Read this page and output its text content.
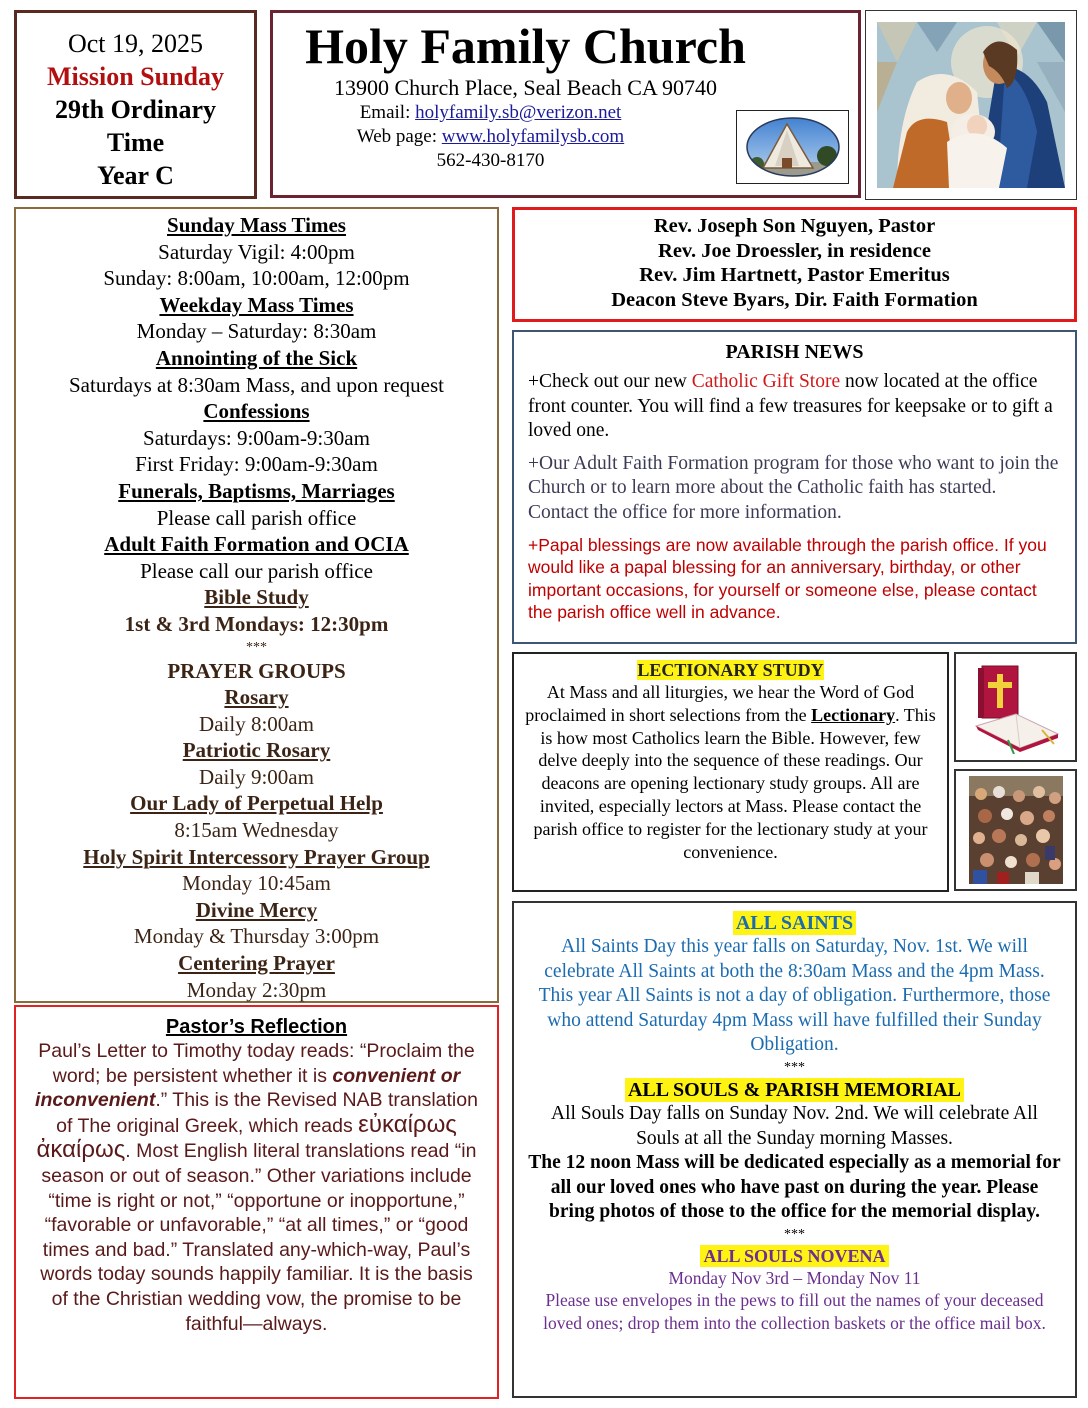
Oct 19, 2025
Mission Sunday
29th Ordinary
Time
Year C
Holy Family Church
13900 Church Place, Seal Beach CA 90740
Email: holyfamily.sb@verizon.net
Web page: www.holyfamilysb.com
562-430-8170
Sunday Mass Times
Saturday Vigil: 4:00pm
Sunday: 8:00am, 10:00am, 12:00pm
Weekday Mass Times
Monday – Saturday: 8:30am
Annointing of the Sick
Saturdays at 8:30am Mass, and upon request
Confessions
Saturdays: 9:00am-9:30am
First Friday: 9:00am-9:30am
Funerals, Baptisms, Marriages
Please call parish office
Adult Faith Formation and OCIA
Please call our parish office
Bible Study
1st & 3rd Mondays: 12:30pm
***
PRAYER GROUPS
Rosary
Daily 8:00am
Patriotic Rosary
Daily 9:00am
Our Lady of Perpetual Help
8:15am Wednesday
Holy Spirit Intercessory Prayer Group
Monday 10:45am
Divine Mercy
Monday & Thursday 3:00pm
Centering Prayer
Monday 2:30pm
Pastor’s Reflection
Paul’s Letter to Timothy today reads: “Proclaim the word; be persistent whether it is convenient or inconvenient.” This is the Revised NAB translation of The original Greek, which reads εὐκαίρως ἀκαίρως. Most English literal translations read “in season or out of season.” Other variations include “time is right or not,” “opportune or inopportune,” “favorable or unfavorable,” “at all times,” or “good times and bad.” Translated any-which-way, Paul’s words today sounds happily familiar. It is the basis of the Christian wedding vow, the promise to be faithful—always.
Rev. Joseph Son Nguyen, Pastor
Rev. Joe Droessler, in residence
Rev. Jim Hartnett, Pastor Emeritus
Deacon Steve Byars, Dir. Faith Formation
PARISH NEWS
+Check out our new Catholic Gift Store now located at the office front counter. You will find a few treasures for keepsake or to gift a loved one.
+Our Adult Faith Formation program for those who want to join the Church or to learn more about the Catholic faith has started. Contact the office for more information.
+Papal blessings are now available through the parish office. If you would like a papal blessing for an anniversary, birthday, or other important occasions, for yourself or someone else, please contact the parish office well in advance.
LECTIONARY STUDY
At Mass and all liturgies, we hear the Word of God proclaimed in short selections from the Lectionary. This is how most Catholics learn the Bible. However, few delve deeply into the sequence of these readings. Our deacons are opening lectionary study groups. All are invited, especially lectors at Mass. Please contact the parish office to register for the lectionary study at your convenience.
ALL SAINTS
All Saints Day this year falls on Saturday, Nov. 1st. We will celebrate All Saints at both the 8:30am Mass and the 4pm Mass. This year All Saints is not a day of obligation. Furthermore, those who attend Saturday 4pm Mass will have fulfilled their Sunday Obligation.
***
ALL SOULS & PARISH MEMORIAL
All Souls Day falls on Sunday Nov. 2nd. We will celebrate All Souls at all the Sunday morning Masses.
The 12 noon Mass will be dedicated especially as a memorial for all our loved ones who have past on during the year. Please bring photos of those to the office for the memorial display.
***
ALL SOULS NOVENA
Monday Nov 3rd – Monday Nov 11
Please use envelopes in the pews to fill out the names of your deceased loved ones; drop them into the collection baskets or the office mail box.
